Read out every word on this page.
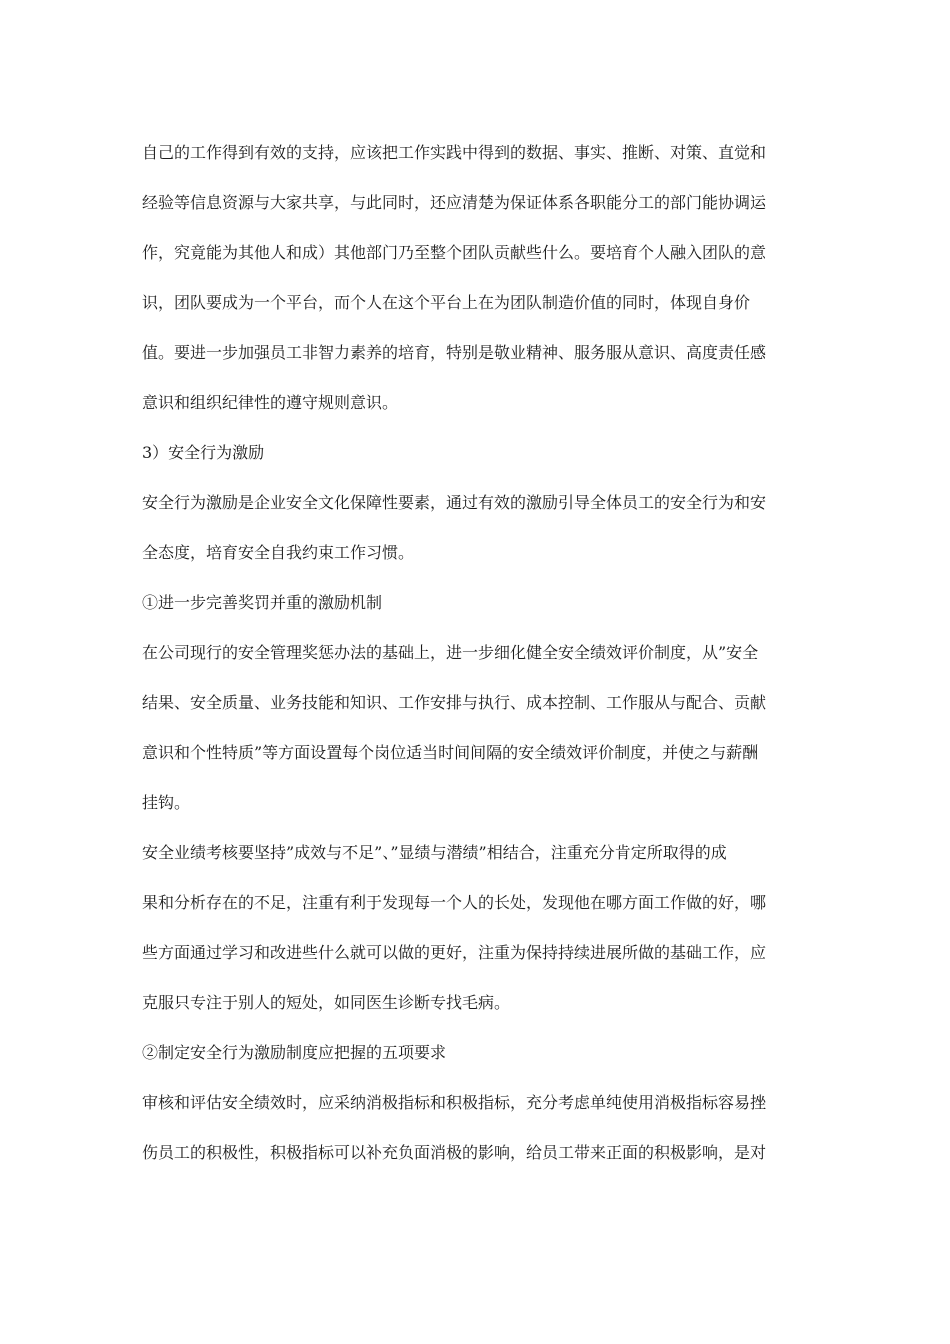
自己的工作得到有效的支持，应该把工作实践中得到的数据、事实、推断、对策、直觉和
经验等信息资源与大家共享，与此同时，还应清楚为保证体系各职能分工的部门能协调运
作，究竟能为其他人和成）其他部门乃至整个团队贡献些什么。要培育个人融入团队的意
识，团队要成为一个平台，而个人在这个平台上在为团队制造价值的同时，体现自身价
值。要进一步加强员工非智力素养的培育，特别是敬业精神、服务服从意识、高度责任感
意识和组织纪律性的遵守规则意识。
3）安全行为激励
安全行为激励是企业安全文化保障性要素，通过有效的激励引导全体员工的安全行为和安
全态度，培育安全自我约束工作习惯。
①进一步完善奖罚并重的激励机制
在公司现行的安全管理奖惩办法的基础上，进一步细化健全安全绩效评价制度，从”安全
结果、安全质量、业务技能和知识、工作安排与执行、成本控制、工作服从与配合、贡献
意识和个性特质”等方面设置每个岗位适当时间间隔的安全绩效评价制度，并使之与薪酬
挂钩。
安全业绩考核要坚持”成效与不足”、”显绩与潜绩”相结合，注重充分肯定所取得的成
果和分析存在的不足，注重有利于发现每一个人的长处，发现他在哪方面工作做的好，哪
些方面通过学习和改进些什么就可以做的更好，注重为保持持续进展所做的基础工作，应
克服只专注于别人的短处，如同医生诊断专找毛病。
②制定安全行为激励制度应把握的五项要求
审核和评估安全绩效时，应采纳消极指标和积极指标，充分考虑单纯使用消极指标容易挫
伤员工的积极性，积极指标可以补充负面消极的影响，给员工带来正面的积极影响，是对
